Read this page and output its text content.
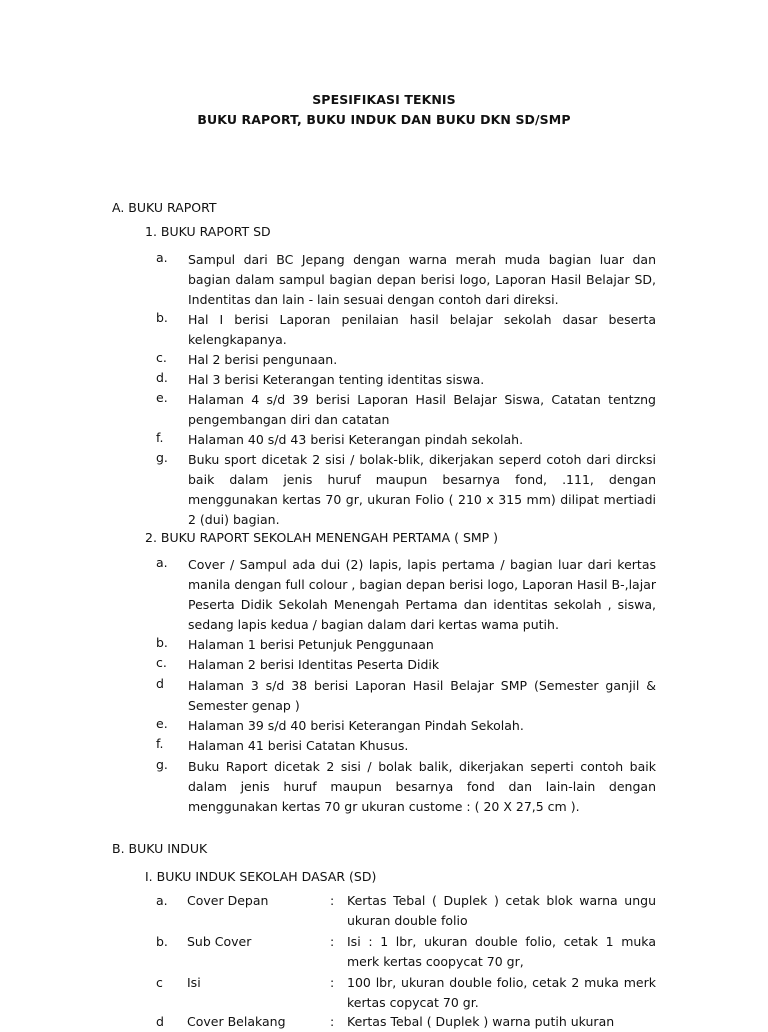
SPESIFIKASI TEKNIS
BUKU RAPORT, BUKU INDUK DAN BUKU DKN SD/SMP
A. BUKU RAPORT
1. BUKU RAPORT SD
a. Sampul dari BC Jepang dengan warna merah muda bagian luar dan bagian dalam sampul bagian depan berisi logo, Laporan Hasil Belajar SD, Indentitas dan lain - lain sesuai dengan contoh dari direksi.
b. Hal I berisi Laporan penilaian hasil belajar sekolah dasar beserta kelengkapanya.
c. Hal 2 berisi pengunaan.
d. Hal 3 berisi Keterangan tenting identitas siswa.
e. Halaman 4 s/d 39 berisi Laporan Hasil Belajar Siswa, Catatan tentzng pengembangan diri dan catatan
f. Halaman 40 s/d 43 berisi Keterangan pindah sekolah.
g. Buku sport dicetak 2 sisi / bolak-blik, dikerjakan seperd cotoh dari dircksi baik dalam jenis huruf maupun besarnya fond, .111, dengan menggunakan kertas 70 gr, ukuran Folio ( 210 x 315 mm) dilipat mertiadi 2 (dui) bagian.
2. BUKU RAPORT SEKOLAH MENENGAH PERTAMA ( SMP )
a. Cover / Sampul ada dui (2) lapis, lapis pertama / bagian luar dari kertas manila dengan full colour , bagian depan berisi logo, Laporan Hasil B-,lajar Peserta Didik Sekolah Menengah Pertama dan identitas sekolah , siswa, sedang lapis kedua / bagian dalam dari kertas wama putih.
b. Halaman 1 berisi Petunjuk Penggunaan
c. Halaman 2 berisi Identitas Peserta Didik
d Halaman 3 s/d 38 berisi Laporan Hasil Belajar SMP (Semester ganjil & Semester genap )
e. Halaman 39 s/d 40 berisi Keterangan Pindah Sekolah.
f. Halaman 41 berisi Catatan Khusus.
g. Buku Raport dicetak 2 sisi / bolak balik, dikerjakan seperti contoh baik dalam jenis huruf maupun besarnya fond dan lain-lain dengan menggunakan kertas 70 gr ukuran custome : ( 20 X 27,5 cm ).
B. BUKU INDUK
I. BUKU INDUK SEKOLAH DASAR (SD)
a. Cover Depan	: Kertas Tebal ( Duplek ) cetak blok warna ungu ukuran double folio
b. Sub Cover	: Isi : 1 lbr, ukuran double folio, cetak 1 muka merk kertas coopycat 70 gr,
c Isi	: 100 lbr, ukuran double folio, cetak 2 muka merk kertas copycat 70 gr.
d Cover Belakang	: Kertas Tebal ( Duplek ) warna putih ukuran
